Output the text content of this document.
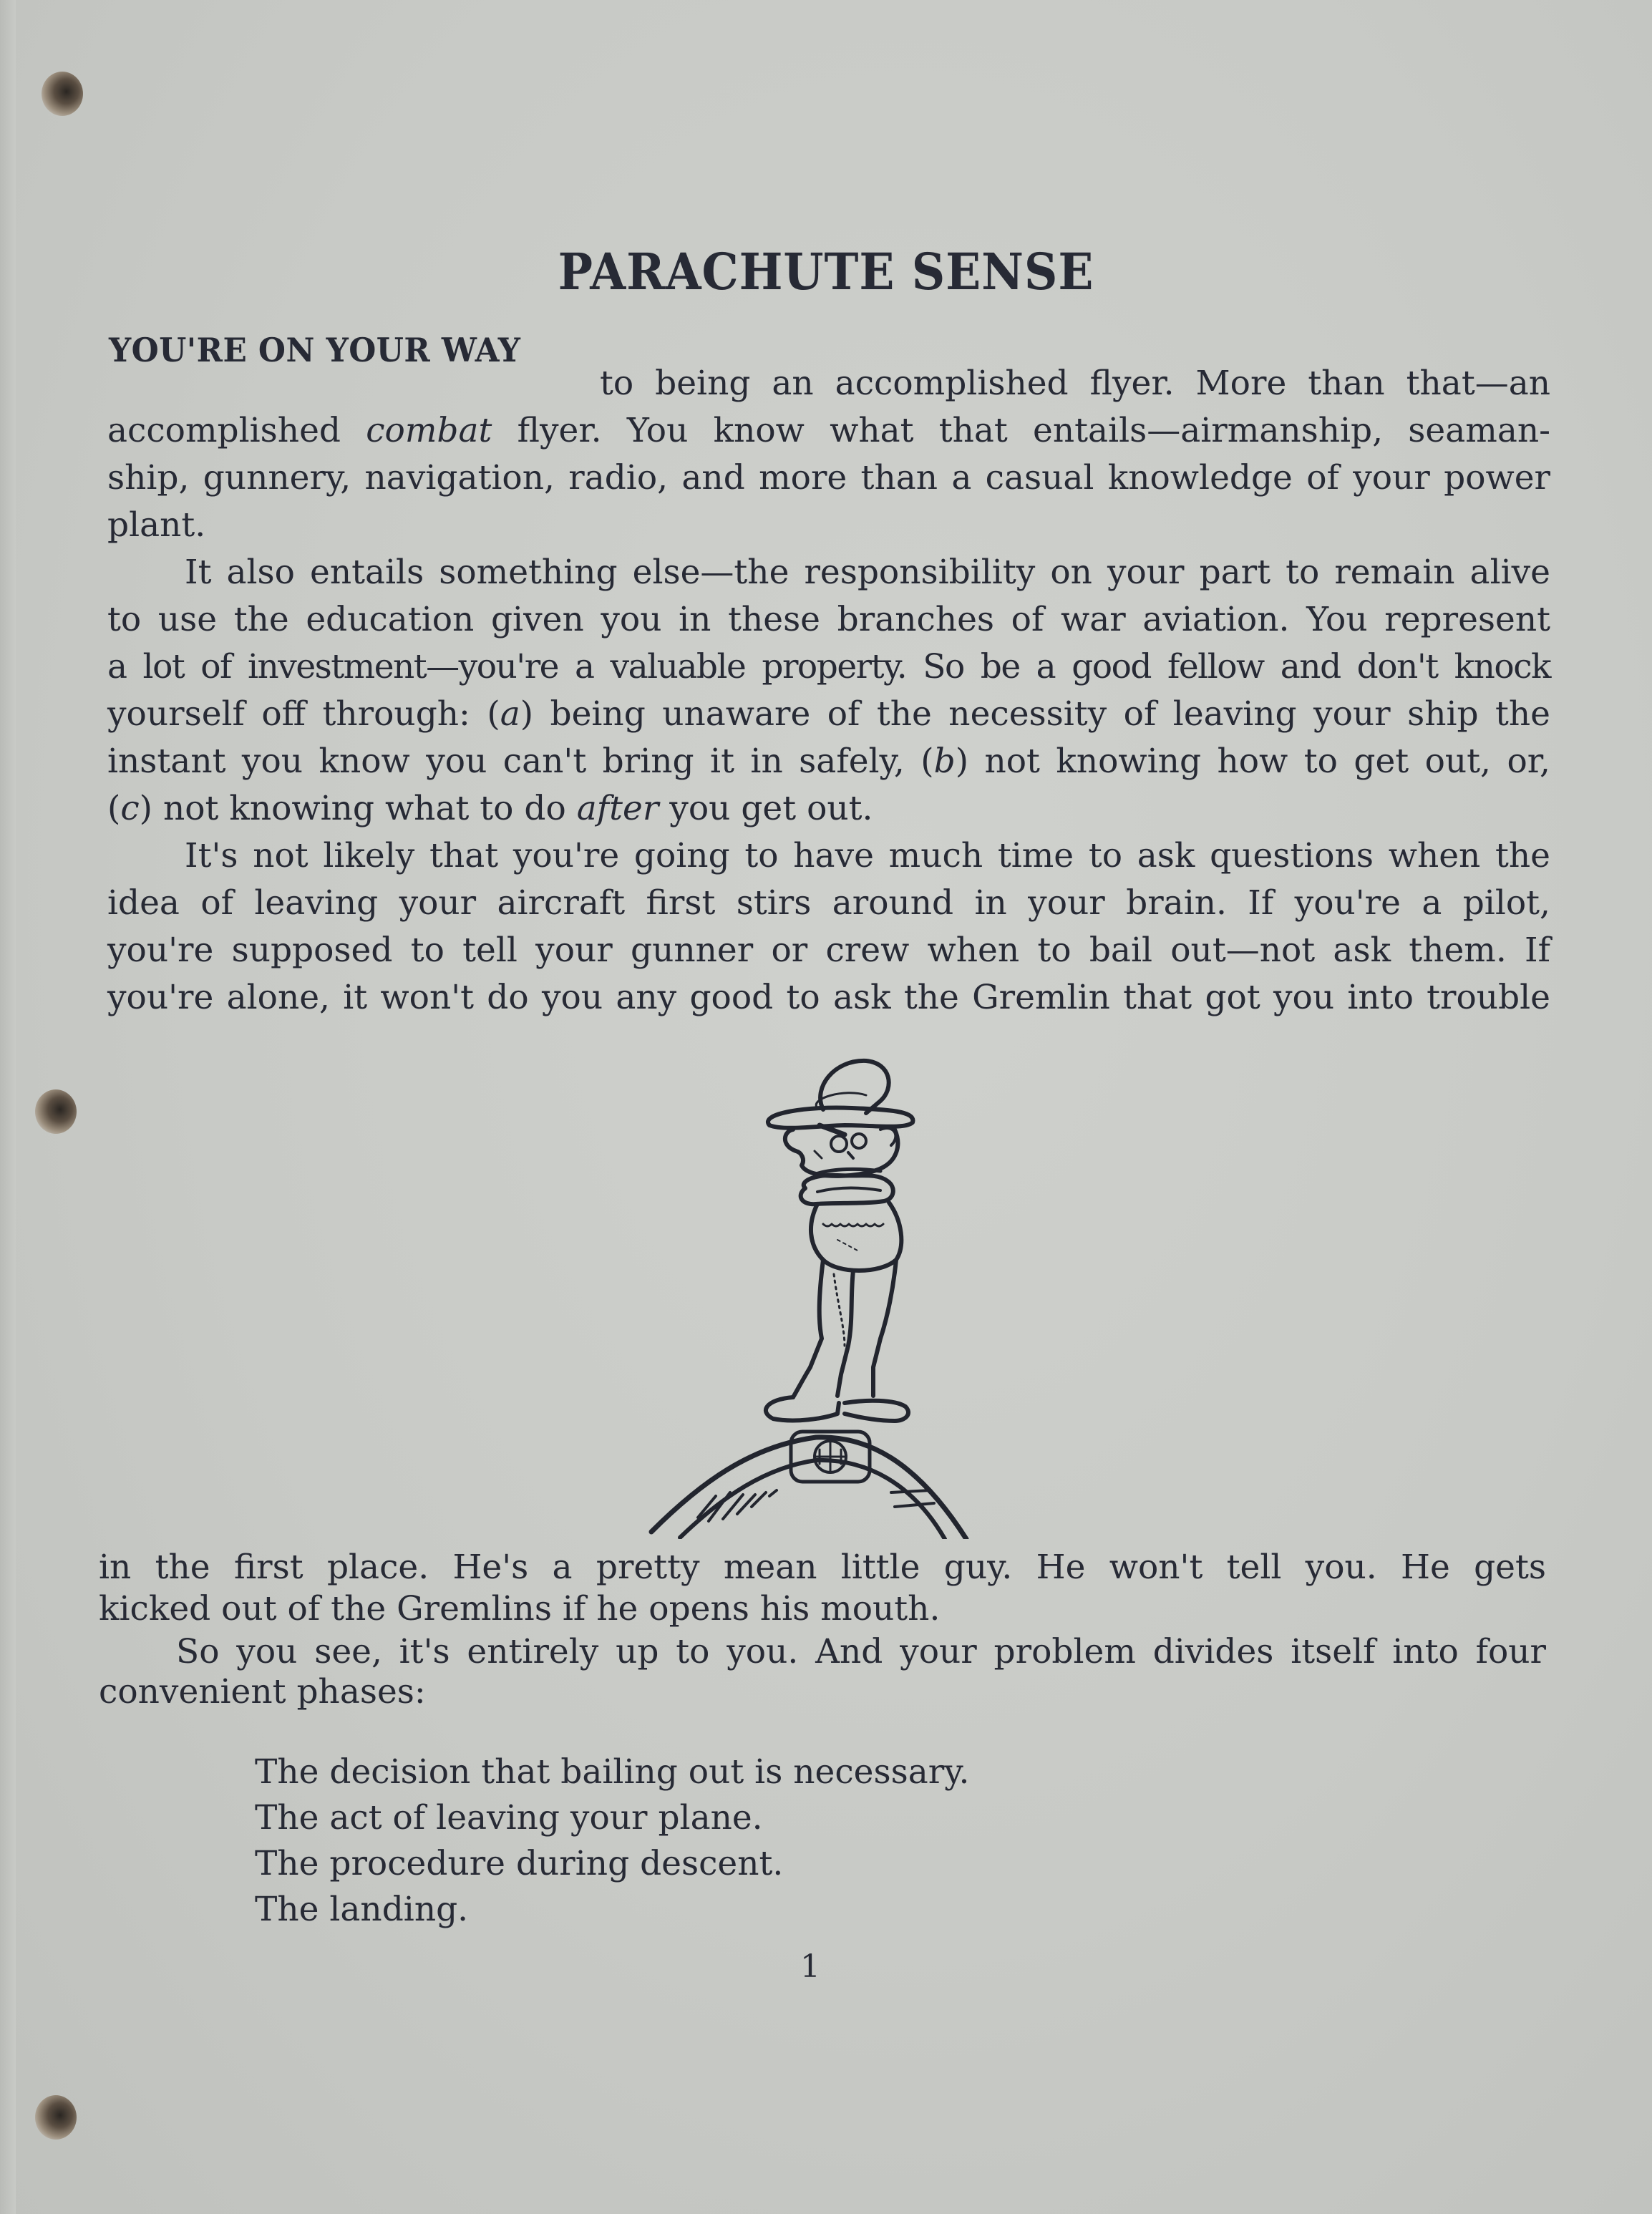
PARACHUTE SENSE
YOU'RE ON YOUR WAY
to being an accomplished flyer. More than that—an
accomplished combat flyer. You know what that entails—airmanship, seaman-
ship, gunnery, navigation, radio, and more than a casual knowledge of your power
plant.
It also entails something else—the responsibility on your part to remain alive
to use the education given you in these branches of war aviation. You represent
a lot of investment—you're a valuable property. So be a good fellow and don't knock
yourself off through: (a) being unaware of the necessity of leaving your ship the
instant you know you can't bring it in safely, (b) not knowing how to get out, or,
(c) not knowing what to do after you get out.
It's not likely that you're going to have much time to ask questions when the
idea of leaving your aircraft first stirs around in your brain. If you're a pilot,
you're supposed to tell your gunner or crew when to bail out—not ask them. If
you're alone, it won't do you any good to ask the Gremlin that got you into trouble
in the first place. He's a pretty mean little guy. He won't tell you. He gets
kicked out of the Gremlins if he opens his mouth.
So you see, it's entirely up to you. And your problem divides itself into four
convenient phases:
The decision that bailing out is necessary.
The act of leaving your plane.
The procedure during descent.
The landing.
1
